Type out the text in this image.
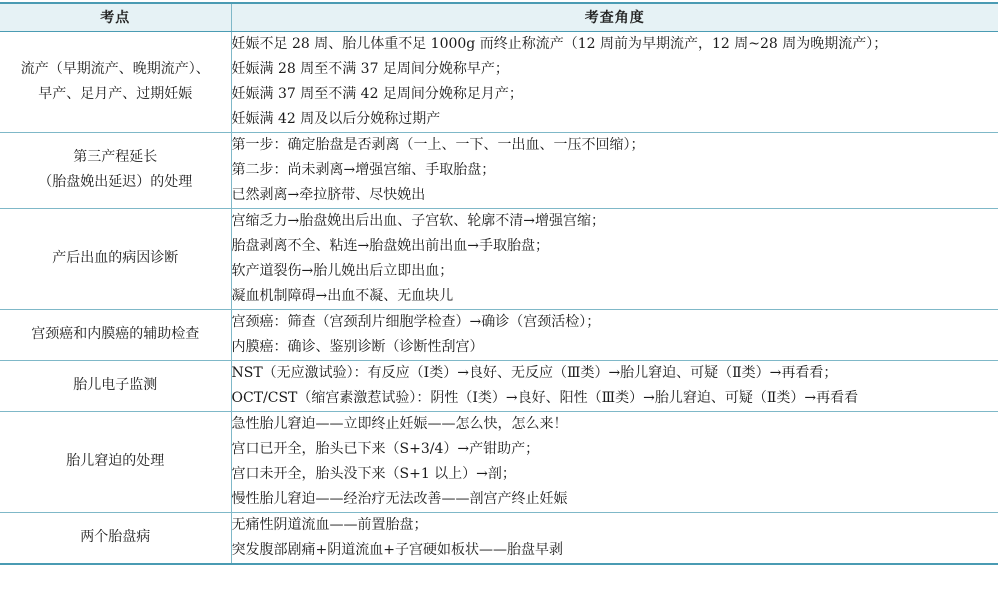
考点	考查角度

流产（早期流产、晚期流产）、
早产、足月产、过期妊娠	妊娠不足 28 周、胎儿体重不足 1000g 而终止称流产（12 周前为早期流产，12 周~28 周为晚期流产）；
妊娠满 28 周至不满 37 足周间分娩称早产；
妊娠满 37 周至不满 42 足周间分娩称足月产；
妊娠满 42 周及以后分娩称过期产

第三产程延长
（胎盘娩出延迟）的处理	第一步：确定胎盘是否剥离（一上、一下、一出血、一压不回缩）；
第二步：尚未剥离→增强宫缩、手取胎盘；
已然剥离→牵拉脐带、尽快娩出

产后出血的病因诊断	宫缩乏力→胎盘娩出后出血、子宫软、轮廓不清→增强宫缩；
胎盘剥离不全、粘连→胎盘娩出前出血→手取胎盘；
软产道裂伤→胎儿娩出后立即出血；
凝血机制障碍→出血不凝、无血块儿

宫颈癌和内膜癌的辅助检查	宫颈癌：筛查（宫颈刮片细胞学检查）→确诊（宫颈活检）；
内膜癌：确诊、鉴别诊断（诊断性刮宫）

胎儿电子监测	NST（无应激试验）：有反应（Ⅰ类）→良好、无反应（Ⅲ类）→胎儿窘迫、可疑（Ⅱ类）→再看看；
OCT/CST（缩宫素激惹试验）：阴性（Ⅰ类）→良好、阳性（Ⅲ类）→胎儿窘迫、可疑（Ⅱ类）→再看看

胎儿窘迫的处理	急性胎儿窘迫——立即终止妊娠——怎么快，怎么来！
宫口已开全，胎头已下来（S+3/4）→产钳助产；
宫口未开全，胎头没下来（S+1 以上）→剖；
慢性胎儿窘迫——经治疗无法改善——剖宫产终止妊娠

两个胎盘病	无痛性阴道流血——前置胎盘；
突发腹部剧痛+阴道流血+子宫硬如板状——胎盘早剥
